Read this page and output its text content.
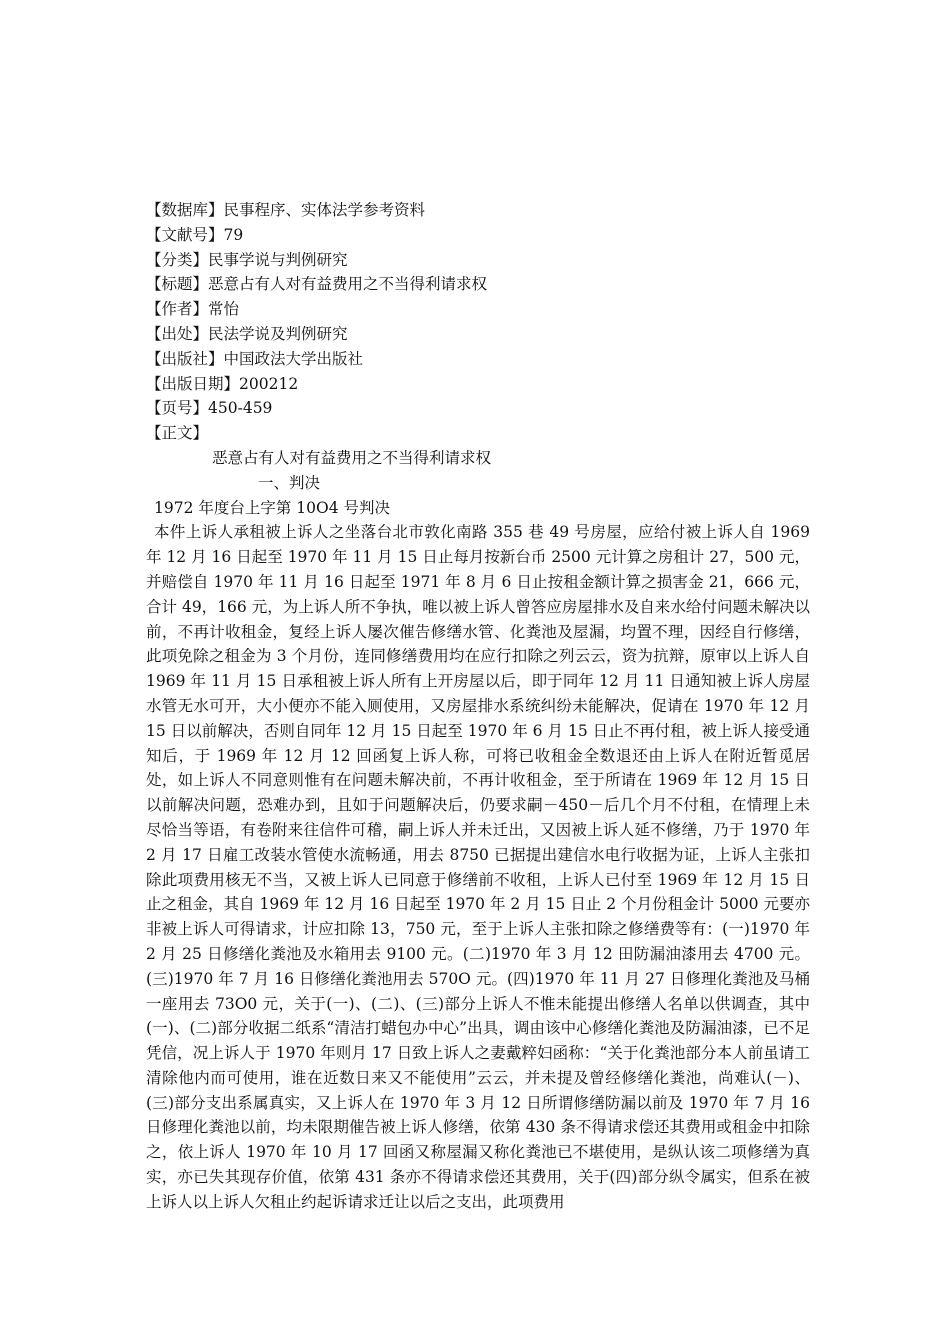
【数据库】民事程序、实体法学参考资料
【文献号】79
【分类】民事学说与判例研究
【标题】恶意占有人对有益费用之不当得利请求权
【作者】常怡
【出处】民法学说及判例研究
【出版社】中国政法大学出版社
【出版日期】200212
【页号】450-459
【正文】
恶意占有人对有益费用之不当得利请求权
一、判决
1972 年度台上字第 10O4 号判决

本件上诉人承租被上诉人之坐落台北市敦化南路 355 巷 49 号房屋，应给付被上诉人自 1969 年 12 月 16 日起至 1970 年 11 月 15 日止每月按新台币 2500 元计算之房租计 27，500 元，并赔偿自 1970 年 11 月 16 日起至 1971 年 8 月 6 日止按租金额计算之损害金 21，666 元，合计 49，166 元，为上诉人所不争执，唯以被上诉人曾答应房屋排水及自来水给付问题未解决以前，不再计收租金，复经上诉人屡次催告修缮水管、化粪池及屋漏，均置不理，因经自行修缮，此项免除之租金为 3 个月份，连同修缮费用均在应行扣除之列云云，资为抗辩，原审以上诉人自 1969 年 11 月 15 日承租被上诉人所有上开房屋以后，即于同年 12 月 11 日通知被上诉人房屋水管无水可开，大小便亦不能入厕使用，又房屋排水系统纠纷未能解决，促请在 1970 年 12 月 15 日以前解决，否则自同年 12 月 15 日起至 1970 年 6 月 15 日止不再付租，被上诉人接受通知后，于 1969 年 12 月 12 回函复上诉人称，可将已收租金全数退还由上诉人在附近暂觅居处，如上诉人不同意则惟有在问题未解决前，不再计收租金，至于所请在 1969 年 12 月 15 日以前解决问题，恐难办到，且如于问题解决后，仍要求嗣－450－后几个月不付租，在情理上未尽恰当等语，有卷附来往信件可稽，嗣上诉人并未迁出，又因被上诉人延不修缮，乃于 1970 年 2 月 17 日雇工改装水管使水流畅通，用去 8750 已据提出建信水电行收据为证，上诉人主张扣除此项费用核无不当，又被上诉人已同意于修缮前不收租，上诉人已付至 1969 年 12 月 15 日止之租金，其自 1969 年 12 月 16 日起至 1970 年 2 月 15 日止 2 个月份租金计 5000 元要亦非被上诉人可得请求，计应扣除 13，750 元，至于上诉人主张扣除之修缮费等有：(一)1970 年 2 月 25 日修缮化粪池及水箱用去 9100 元。(二)1970 年 3 月 12 田防漏油漆用去 4700 元。(三)1970 年 7 月 16 日修缮化粪池用去 570O 元。(四)1970 年 11 月 27 日修理化粪池及马桶一座用去 73O0 元，关于(一)、(二)、(三)部分上诉人不惟未能提出修缮人名单以供调查，其中(一)、(二)部分收据二纸系“清洁打蜡包办中心”出具，调由该中心修缮化粪池及防漏油漆，已不足凭信，况上诉人于 1970 年则月 17 日致上诉人之妻戴粹妇函称：“关于化粪池部分本人前虽请工清除他内而可使用，谁在近数日来又不能使用”云云，并未提及曾经修缮化粪池，尚难认(－)、(三)部分支出系属真实，又上诉人在 1970 年 3 月 12 日所谓修缮防漏以前及 1970 年 7 月 16 日修理化粪池以前，均未限期催告被上诉人修缮，依第 430 条不得请求偿还其费用或租金中扣除之，依上诉人 1970 年 10 月 17 回函又称屋漏又称化粪池已不堪使用，是纵认该二项修缮为真实，亦已失其现存价值，依第 431 条亦不得请求偿还其费用，关于(四)部分纵令属实，但系在被上诉人以上诉人欠租止约起诉请求迁让以后之支出，此项费用
